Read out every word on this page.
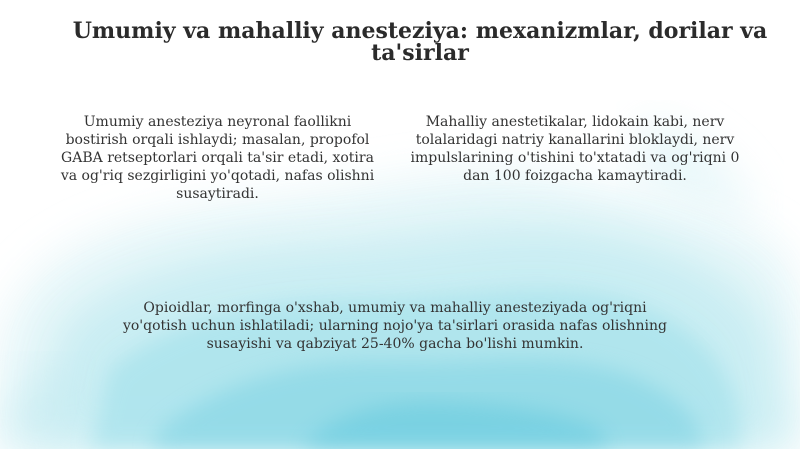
Umumiy va mahalliy anesteziya: mexanizmlar, dorilar va ta'sirlar

Umumiy anesteziya neyronal faollikni bostirish orqali ishlaydi; masalan, propofol GABA retseptorlari orqali ta'sir etadi, xotira va og'riq sezgirligini yo'qotadi, nafas olishni susaytiradi.

Mahalliy anestetikalar, lidokain kabi, nerv tolalaridagi natriy kanallarini bloklaydi, nerv impulslarining o'tishini to'xtatadi va og'riqni 0 dan 100 foizgacha kamaytiradi.

Opioidlar, morfinga o'xshab, umumiy va mahalliy anesteziyada og'riqni yo'qotish uchun ishlatiladi; ularning nojo'ya ta'sirlari orasida nafas olishning susayishi va qabziyat 25-40% gacha bo'lishi mumkin.
